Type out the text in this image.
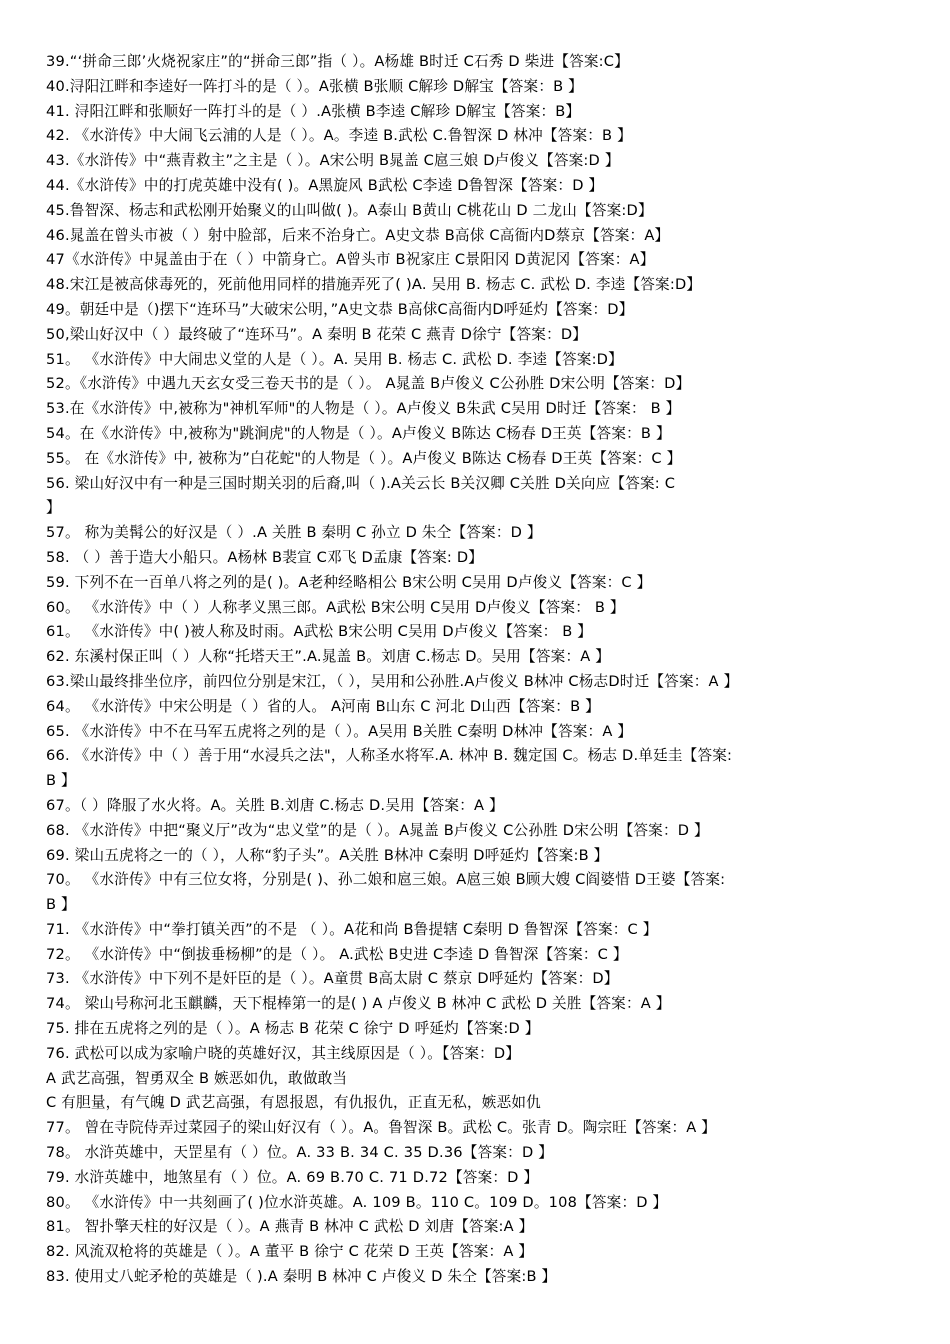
39.“‘拼命三郎’火烧祝家庄”的“拼命三郎”指（ ）。A杨雄 B时迁 C石秀 D 柴进【答案:C】
40.浔阳江畔和李逵好一阵打斗的是（ ）。A张横 B张顺 C解珍 D解宝【答案：B 】
41. 浔阳江畔和张顺好一阵打斗的是（ ）.A张横 B李逵 C解珍 D解宝【答案：B】
42. 《水浒传》中大闹飞云浦的人是（ ）。A。李逵 B.武松 C.鲁智深 D 林冲【答案：B 】
43.《水浒传》中“燕青救主”之主是（ ）。A宋公明 B晁盖 C扈三娘 D卢俊义【答案:D 】
44.《水浒传》中的打虎英雄中没有( )。A黑旋风 B武松 C李逵 D鲁智深【答案：D 】
45.鲁智深、杨志和武松刚开始聚义的山叫做( )。A泰山 B黄山 C桃花山 D 二龙山【答案:D】
46.晁盖在曾头市被（ ）射中脸部，后来不治身亡。A史文恭 B高俅 C高衙内D蔡京【答案：A】
47《水浒传》中晁盖由于在（ ）中箭身亡。A曾头市 B祝家庄 C景阳冈 D黄泥冈【答案：A】
48.宋江是被高俅毒死的，死前他用同样的措施弄死了( )A. 吴用 B. 杨志 C. 武松 D. 李逵【答案:D】
49。朝廷中是（)摆下“连环马”大破宋公明，”A史文恭 B高俅C高衙内D呼延灼【答案：D】
50,梁山好汉中（ ）最终破了“连环马”。A 秦明 B 花荣 C 燕青 D徐宁【答案：D】
51。 《水浒传》中大闹忠义堂的人是（ ）。A. 吴用 B. 杨志 C. 武松 D. 李逵【答案:D】
52。《水浒传》中遇九天玄女受三卷天书的是（ ）。 A晁盖 B卢俊义 C公孙胜 D宋公明【答案：D】
53.在《水浒传》中,被称为"神机军师"的人物是（ ）。A卢俊义 B朱武 C吴用 D时迁【答案： B 】
54。在《水浒传》中,被称为"跳涧虎"的人物是（ ）。A卢俊义 B陈达 C杨春 D王英【答案：B 】
55。 在《水浒传》中, 被称为”白花蛇"的人物是（ ）。A卢俊义 B陈达 C杨春 D王英【答案：C 】
56. 梁山好汉中有一种是三国时期关羽的后裔,叫（ ).A关云长 B关汉卿 C关胜 D关向应【答案: C
】
57。 称为美髯公的好汉是（ ）.A 关胜 B 秦明 C 孙立 D 朱仝【答案：D 】
58. （ ）善于造大小船只。A杨林 B裴宣 C邓飞 D孟康【答案: D】
59. 下列不在一百单八将之列的是( )。A老种经略相公 B宋公明 C吴用 D卢俊义【答案：C 】
60。 《水浒传》中（ ）人称孝义黑三郎。A武松 B宋公明 C吴用 D卢俊义【答案： B 】
61。 《水浒传》中( )被人称及时雨。A武松 B宋公明 C吴用 D卢俊义【答案： B 】
62. 东溪村保正叫（ ）人称“托塔天王”.A.晁盖 B。刘唐 C.杨志 D。吴用【答案：A 】
63.梁山最终排坐位序，前四位分别是宋江，（ ），吴用和公孙胜.A卢俊义 B林冲 C杨志D时迁【答案：A 】
64。 《水浒传》中宋公明是（ ）省的人。 A河南 B山东 C 河北 D山西【答案：B 】
65. 《水浒传》中不在马军五虎将之列的是（ ）。A吴用 B关胜 C秦明 D林冲【答案：A 】
66. 《水浒传》中（ ）善于用“水浸兵之法"，人称圣水将军.A. 林冲 B. 魏定国 C。杨志 D.单廷圭【答案:
B 】
67。（ ）降服了水火将。A。关胜 B.刘唐 C.杨志 D.吴用【答案：A 】
68. 《水浒传》中把“聚义厅”改为“忠义堂”的是（ ）。A晁盖 B卢俊义 C公孙胜 D宋公明【答案：D 】
69. 梁山五虎将之一的（ ），人称“豹子头”。A关胜 B林冲 C秦明 D呼延灼【答案:B 】
70。 《水浒传》中有三位女将，分别是( )、孙二娘和扈三娘。A扈三娘 B顾大嫂 C阎婆惜 D王婆【答案:
B 】
71. 《水浒传》中“拳打镇关西”的不是 （ ）。A花和尚 B鲁提辖 C秦明 D 鲁智深【答案：C 】
72。 《水浒传》中“倒拔垂杨柳”的是（ ）。 A.武松 B史进 C李逵 D 鲁智深【答案：C 】
73. 《水浒传》中下列不是奸臣的是（ ）。A童贯 B高太尉 C 蔡京 D呼延灼【答案：D】
74。 梁山号称河北玉麒麟，天下棍棒第一的是( ) A 卢俊义 B 林冲 C 武松 D 关胜【答案：A 】
75. 排在五虎将之列的是（ ）。A 杨志 B 花荣 C 徐宁 D 呼延灼【答案:D 】
76. 武松可以成为家喻户晓的英雄好汉，其主线原因是（ ）。【答案：D】
A 武艺高强，智勇双全 B 嫉恶如仇，敢做敢当
C 有胆量，有气魄 D 武艺高强，有恩报恩，有仇报仇，正直无私，嫉恶如仇
77。 曾在寺院侍弄过菜园子的梁山好汉有（ ）。A。鲁智深 B。武松 C。张青 D。陶宗旺【答案：A 】
78。 水浒英雄中，天罡星有（ ）位。A. 33 B. 34 C. 35 D.36【答案：D 】
79. 水浒英雄中，地煞星有（ ）位。A. 69 B.70 C. 71 D.72【答案：D 】
80。 《水浒传》中一共刻画了( )位水浒英雄。A. 109 B。110 C。109 D。108【答案：D 】
81。 智扑擎天柱的好汉是（ ）。A 燕青 B 林冲 C 武松 D 刘唐【答案:A 】
82. 风流双枪将的英雄是（ ）。A 董平 B 徐宁 C 花荣 D 王英【答案：A 】
83. 使用丈八蛇矛枪的英雄是（ ).A 秦明 B 林冲 C 卢俊义 D 朱仝【答案:B 】
